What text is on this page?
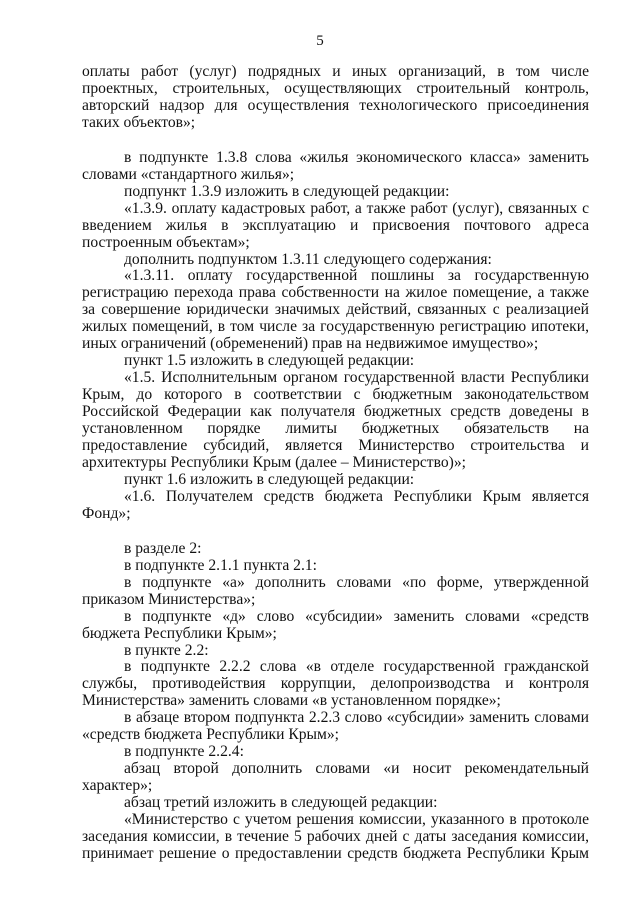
5

оплаты работ (услуг) подрядных и иных организаций, в том числе проектных, строительных, осуществляющих строительный контроль, авторский надзор для осуществления технологического присоединения таких объектов»;

в подпункте 1.3.8 слова «жилья экономического класса» заменить словами «стандартного жилья»;

подпункт 1.3.9 изложить в следующей редакции:

«1.3.9. оплату кадастровых работ, а также работ (услуг), связанных с введением жилья в эксплуатацию и присвоения почтового адреса построенным объектам»;

дополнить подпунктом 1.3.11 следующего содержания:

«1.3.11. оплату государственной пошлины за государственную регистрацию перехода права собственности на жилое помещение, а также за совершение юридически значимых действий, связанных с реализацией жилых помещений, в том числе за государственную регистрацию ипотеки, иных ограничений (обременений) прав на недвижимое имущество»;

пункт 1.5 изложить в следующей редакции:

«1.5. Исполнительным органом государственной власти Республики Крым, до которого в соответствии с бюджетным законодательством Российской Федерации как получателя бюджетных средств доведены в установленном порядке лимиты бюджетных обязательств на предоставление субсидий, является Министерство строительства и архитектуры Республики Крым (далее – Министерство)»;

пункт 1.6 изложить в следующей редакции:

«1.6. Получателем средств бюджета Республики Крым является Фонд»;

в разделе 2:

в подпункте 2.1.1 пункта 2.1:

в подпункте «а» дополнить словами «по форме, утвержденной приказом Министерства»;

в подпункте «д» слово «субсидии» заменить словами «средств бюджета Республики Крым»;

в пункте 2.2:

в подпункте 2.2.2 слова «в отделе государственной гражданской службы, противодействия коррупции, делопроизводства и контроля Министерства» заменить словами «в установленном порядке»;

в абзаце втором подпункта 2.2.3 слово «субсидии» заменить словами «средств бюджета Республики Крым»;

в подпункте 2.2.4:

абзац второй дополнить словами «и носит рекомендательный характер»;

абзац третий изложить в следующей редакции:

«Министерство с учетом решения комиссии, указанного в протоколе заседания комиссии, в течение 5 рабочих дней с даты заседания комиссии, принимает решение о предоставлении средств бюджета Республики Крым
